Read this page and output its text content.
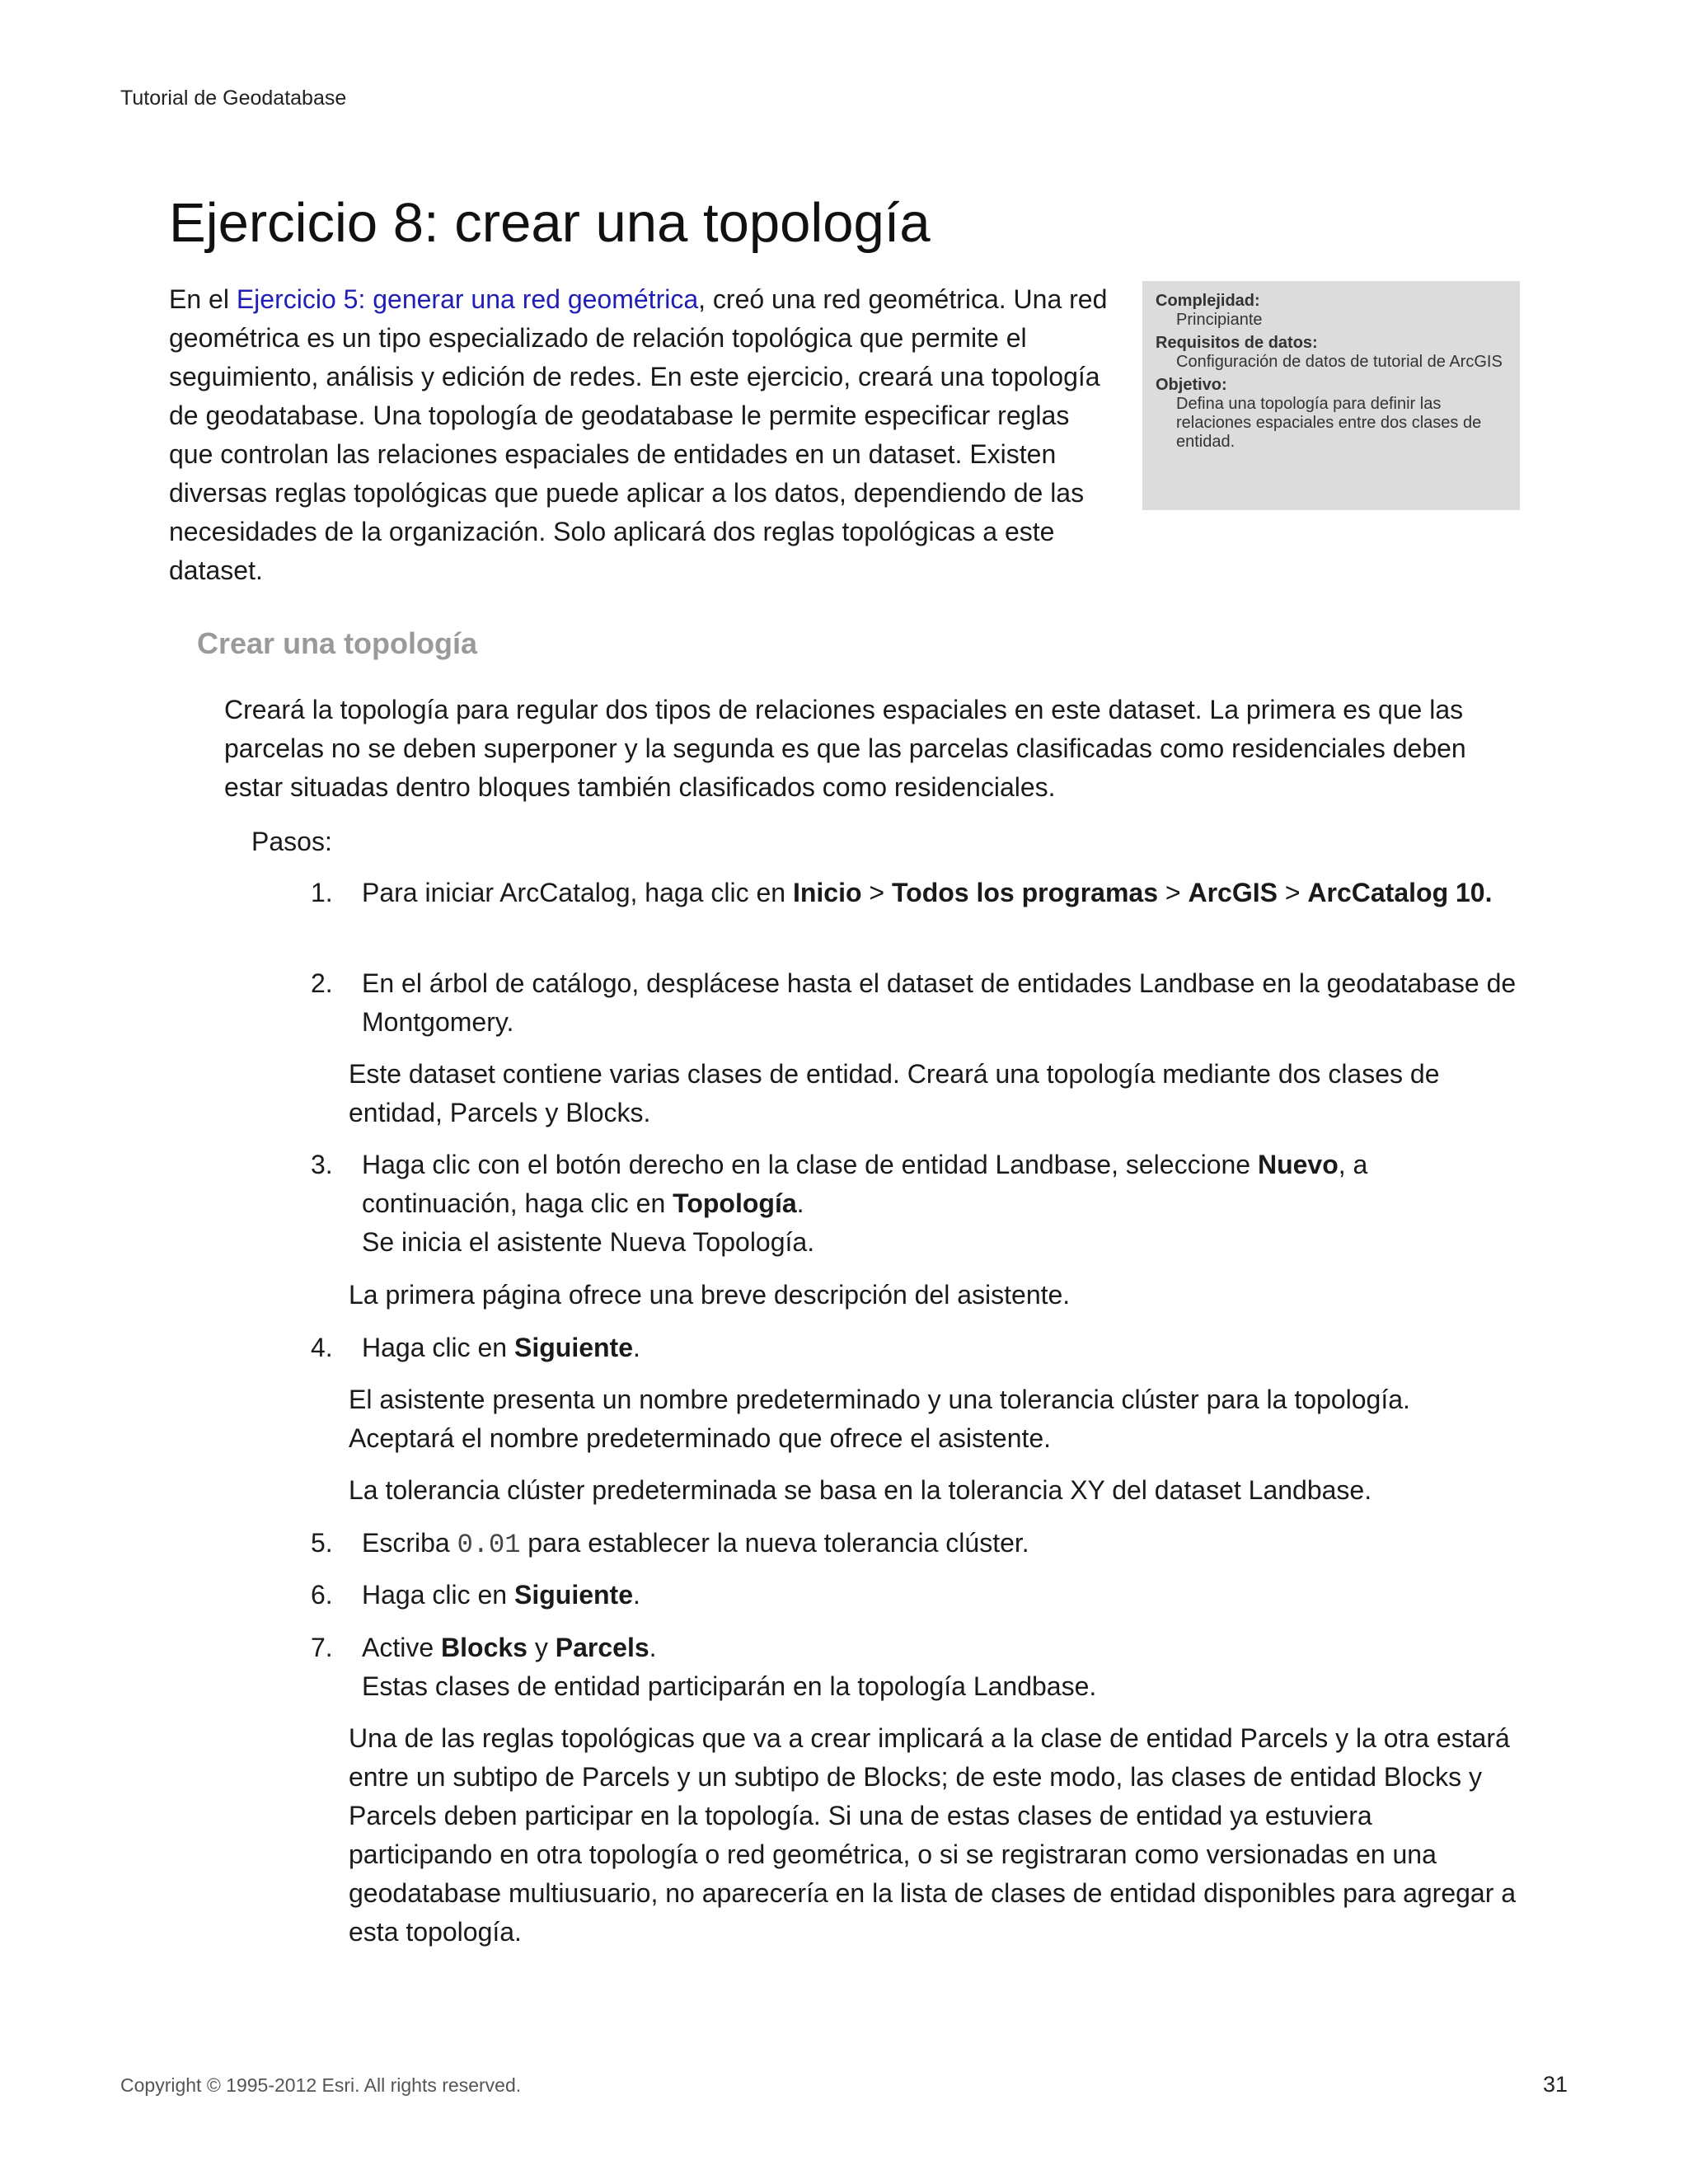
Tutorial de Geodatabase
Ejercicio 8: crear una topología

En el Ejercicio 5: generar una red geométrica, creó una red geométrica. Una red geométrica es un tipo especializado de relación topológica que permite el seguimiento, análisis y edición de redes. En este ejercicio, creará una topología de geodatabase. Una topología de geodatabase le permite especificar reglas que controlan las relaciones espaciales de entidades en un dataset. Existen diversas reglas topológicas que puede aplicar a los datos, dependiendo de las necesidades de la organización. Solo aplicará dos reglas topológicas a este dataset.

Complejidad:
Principiante
Requisitos de datos:
Configuración de datos de tutorial de ArcGIS
Objetivo:
Defina una topología para definir las relaciones espaciales entre dos clases de entidad.
Crear una topología

Creará la topología para regular dos tipos de relaciones espaciales en este dataset. La primera es que las parcelas no se deben superponer y la segunda es que las parcelas clasificadas como residenciales deben estar situadas dentro bloques también clasificados como residenciales.

Pasos:

1. Para iniciar ArcCatalog, haga clic en Inicio > Todos los programas > ArcGIS > ArcCatalog 10.
2. En el árbol de catálogo, desplácese hasta el dataset de entidades Landbase en la geodatabase de Montgomery.

Este dataset contiene varias clases de entidad. Creará una topología mediante dos clases de entidad, Parcels y Blocks.

3. Haga clic con el botón derecho en la clase de entidad Landbase, seleccione Nuevo, a continuación, haga clic en Topología.
Se inicia el asistente Nueva Topología.

La primera página ofrece una breve descripción del asistente.

4. Haga clic en Siguiente.

El asistente presenta un nombre predeterminado y una tolerancia clúster para la topología. Aceptará el nombre predeterminado que ofrece el asistente.

La tolerancia clúster predeterminada se basa en la tolerancia XY del dataset Landbase.

5. Escriba 0.01 para establecer la nueva tolerancia clúster.
6. Haga clic en Siguiente.
7. Active Blocks y Parcels.
Estas clases de entidad participarán en la topología Landbase.

Una de las reglas topológicas que va a crear implicará a la clase de entidad Parcels y la otra estará entre un subtipo de Parcels y un subtipo de Blocks; de este modo, las clases de entidad Blocks y Parcels deben participar en la topología. Si una de estas clases de entidad ya estuviera participando en otra topología o red geométrica, o si se registraran como versionadas en una geodatabase multiusuario, no aparecería en la lista de clases de entidad disponibles para agregar a esta topología.

Copyright © 1995-2012 Esri. All rights reserved.	31
